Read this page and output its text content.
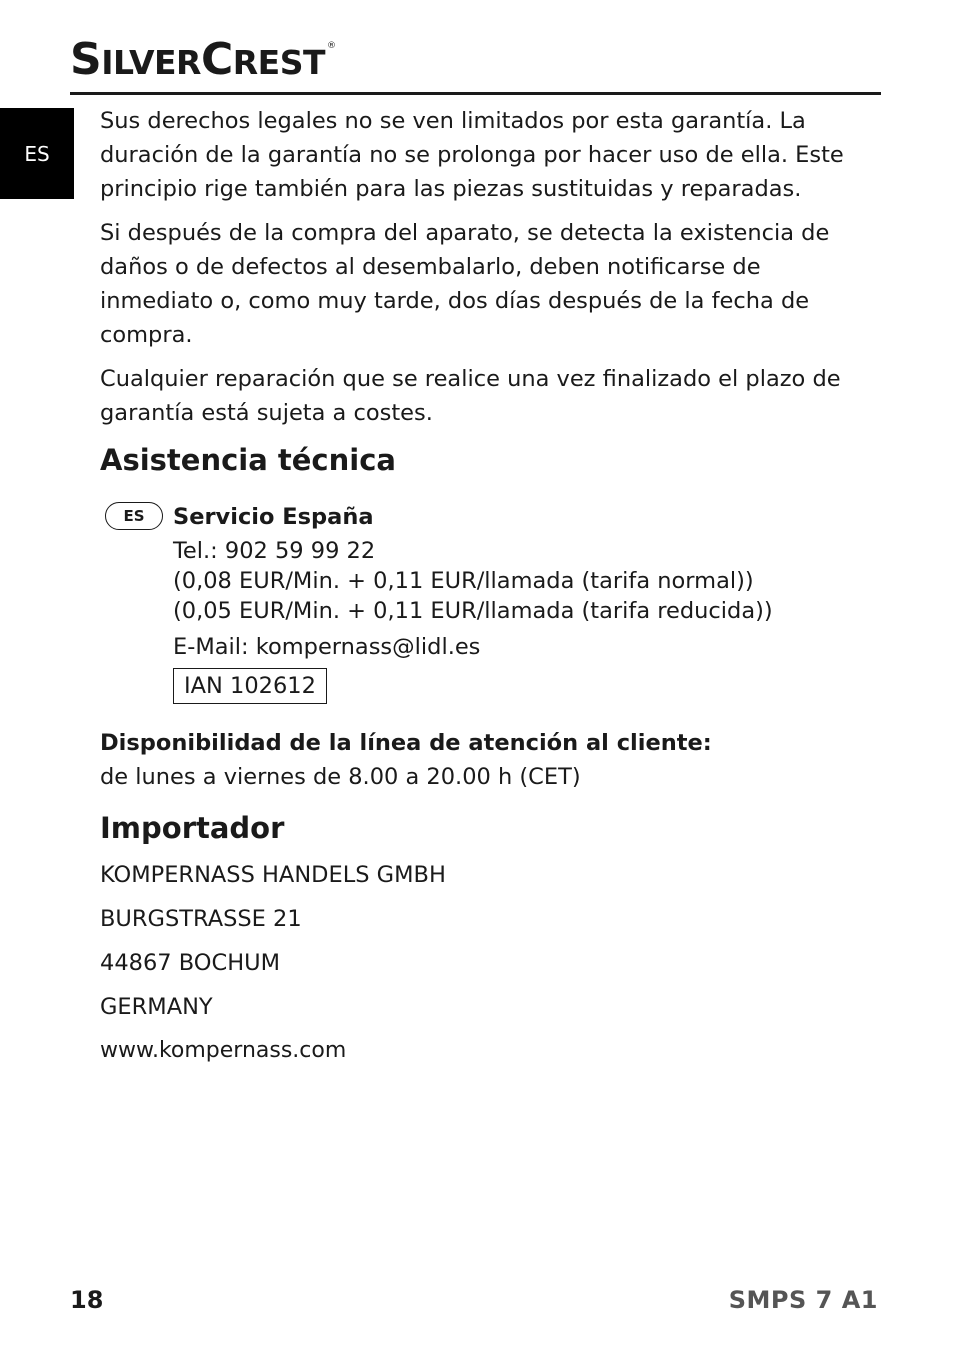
SILVERCREST ®
ES

Sus derechos legales no se ven limitados por esta garantía. La duración de la garantía no se prolonga por hacer uso de ella. Este principio rige también para las piezas sustituidas y reparadas.

Si después de la compra del aparato, se detecta la existencia de daños o de defectos al desembalarlo, deben notificarse de inmediato o, como muy tarde, dos días después de la fecha de compra.

Cualquier reparación que se realice una vez finalizado el plazo de garantía está sujeta a costes.

Asistencia técnica
ES	Servicio España
Tel.: 902 59 99 22
(0,08 EUR/Min. + 0,11 EUR/llamada (tarifa normal))
(0,05 EUR/Min. + 0,11 EUR/llamada (tarifa reducida))
E-Mail: kompernass@lidl.es
IAN 102612
Disponibilidad de la línea de atención al cliente:
de lunes a viernes de 8.00 a 20.00 h (CET)
Importador

KOMPERNASS HANDELS GMBH

BURGSTRASSE 21

44867 BOCHUM

GERMANY

www.kompernass.com

18	SMPS 7 A1
